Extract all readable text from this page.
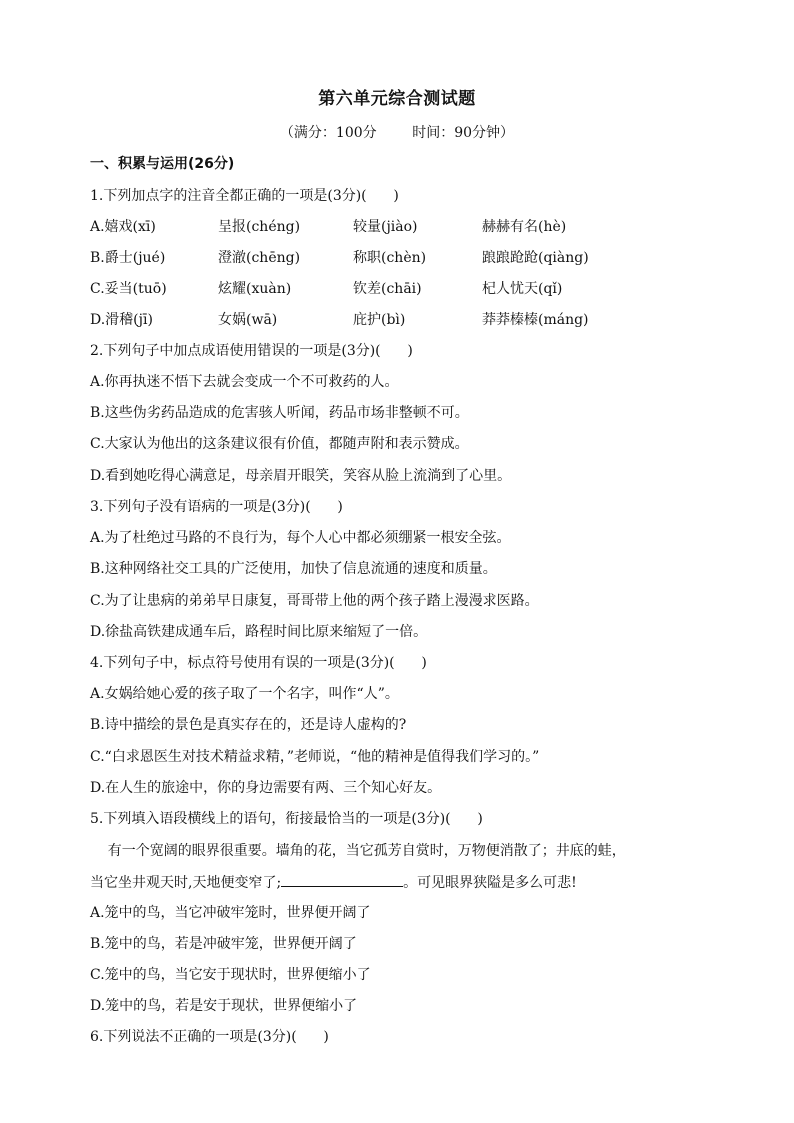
第六单元综合测试题
（满分：100分        时间：90分钟）
一、积累与运用(26分)
1.下列加点字的注音全都正确的一项是(3分)(      )
A.嬉戏(xī)	呈报(chéng)	较量(jiào)	赫赫有名(hè)
B.爵士(jué)	澄澈(chēng)	称职(chèn)	踉踉跄跄(qiàng)
C.妥当(tuō)	炫耀(xuàn)	钦差(chāi)	杞人忧天(qǐ)
D.滑稽(jī)	女娲(wā)	庇护(bì)	莽莽榛榛(máng)
2.下列句子中加点成语使用错误的一项是(3分)(      )
A.你再执迷不悟下去就会变成一个不可救药的人。
B.这些伪劣药品造成的危害骇人听闻，药品市场非整顿不可。
C.大家认为他出的这条建议很有价值，都随声附和表示赞成。
D.看到她吃得心满意足，母亲眉开眼笑，笑容从脸上流淌到了心里。
3.下列句子没有语病的一项是(3分)(      )
A.为了杜绝过马路的不良行为，每个人心中都必须绷紧一根安全弦。
B.这种网络社交工具的广泛使用，加快了信息流通的速度和质量。
C.为了让患病的弟弟早日康复，哥哥带上他的两个孩子踏上漫漫求医路。
D.徐盐高铁建成通车后，路程时间比原来缩短了一倍。
4.下列句子中，标点符号使用有误的一项是(3分)(      )
A.女娲给她心爱的孩子取了一个名字，叫作“人”。
B.诗中描绘的景色是真实存在的，还是诗人虚构的?
C.“白求恩医生对技术精益求精，”老师说，“他的精神是值得我们学习的。”
D.在人生的旅途中，你的身边需要有两、三个知心好友。
5.下列填入语段横线上的语句，衔接最恰当的一项是(3分)(      )
有一个宽阔的眼界很重要。墙角的花，当它孤芳自赏时，万物便消散了；井底的蛙，
当它坐井观天时,天地便变窄了;	。可见眼界狭隘是多么可悲!
A.笼中的鸟，当它冲破牢笼时，世界便开阔了
B.笼中的鸟，若是冲破牢笼，世界便开阔了
C.笼中的鸟，当它安于现状时，世界便缩小了
D.笼中的鸟，若是安于现状，世界便缩小了
6.下列说法不正确的一项是(3分)(      )
